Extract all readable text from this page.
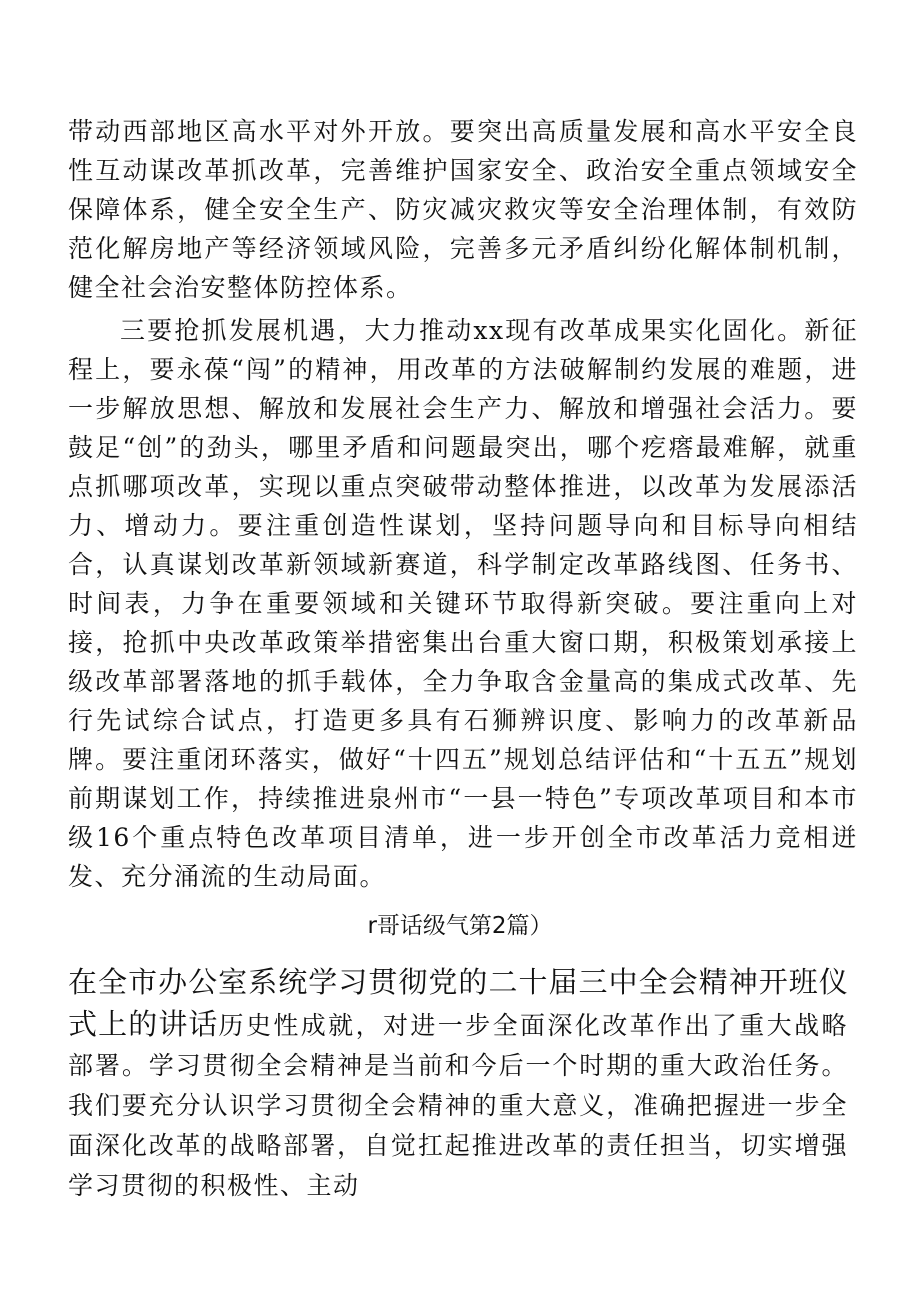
带动西部地区高水平对外开放。要突出高质量发展和高水平安全良性互动谋改革抓改革，完善维护国家安全、政治安全重点领域安全保障体系，健全安全生产、防灾减灾救灾等安全治理体制，有效防范化解房地产等经济领域风险，完善多元矛盾纠纷化解体制机制，健全社会治安整体防控体系。

三要抢抓发展机遇，大力推动xx现有改革成果实化固化。新征程上，要永葆“闯”的精神，用改革的方法破解制约发展的难题，进一步解放思想、解放和发展社会生产力、解放和增强社会活力。要鼓足“创”的劲头，哪里矛盾和问题最突出，哪个疙瘩最难解，就重点抓哪项改革，实现以重点突破带动整体推进，以改革为发展添活力、增动力。要注重创造性谋划，坚持问题导向和目标导向相结合，认真谋划改革新领域新赛道，科学制定改革路线图、任务书、时间表，力争在重要领域和关键环节取得新突破。要注重向上对接，抢抓中央改革政策举措密集出台重大窗口期，积极策划承接上级改革部署落地的抓手载体，全力争取含金量高的集成式改革、先行先试综合试点，打造更多具有石狮辨识度、影响力的改革新品牌。要注重闭环落实，做好“十四五”规划总结评估和“十五五”规划前期谋划工作，持续推进泉州市“一县一特色”专项改革项目和本市级16个重点特色改革项目清单，进一步开创全市改革活力竞相迸发、充分涌流的生动局面。

r哥话级气第2篇）

在全市办公室系统学习贯彻党的二十届三中全会精神开班仪式上的讲话历史性成就，对进一步全面深化改革作出了重大战略部署。学习贯彻全会精神是当前和今后一个时期的重大政治任务。我们要充分认识学习贯彻全会精神的重大意义，准确把握进一步全面深化改革的战略部署，自觉扛起推进改革的责任担当，切实增强学习贯彻的积极性、主动
